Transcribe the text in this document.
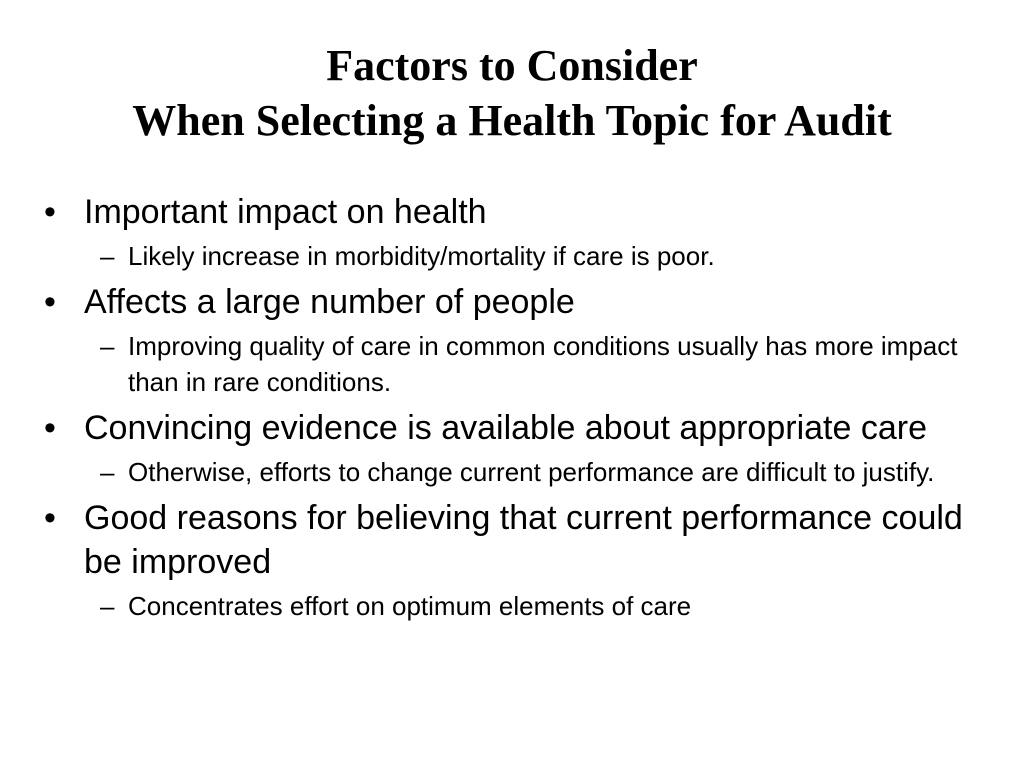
Factors to Consider
When Selecting a Health Topic for Audit
• Important impact on health
– Likely increase in morbidity/mortality if care is poor.
• Affects a large number of people
– Improving quality of care in common conditions usually has more impact than in rare conditions.
• Convincing evidence is available about appropriate care
– Otherwise, efforts to change current performance are difficult to justify.
• Good reasons for believing that current performance could be improved
– Concentrates effort on optimum elements of care
